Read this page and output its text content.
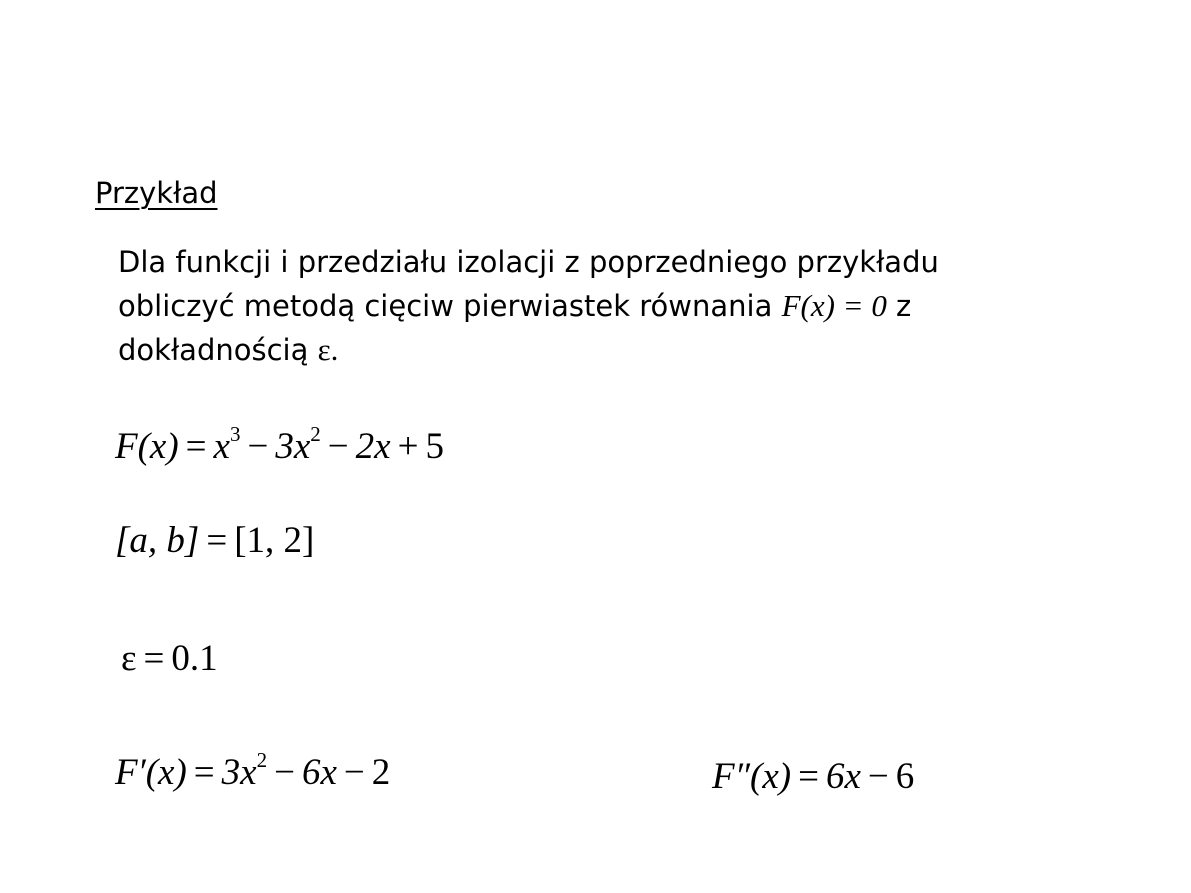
Przykład
Dla funkcji i przedziału izolacji z poprzedniego przykładu
obliczyć metodą cięciw pierwiastek równania F(x) = 0 z
dokładnością ε.
$F(x) = x^3 - 3x^2 - 2x + 5$
[a, b] = [1, 2]
ε = 0.1
$F'(x) = 3x^2 - 6x - 2$	F″(x) = 6x − 6
